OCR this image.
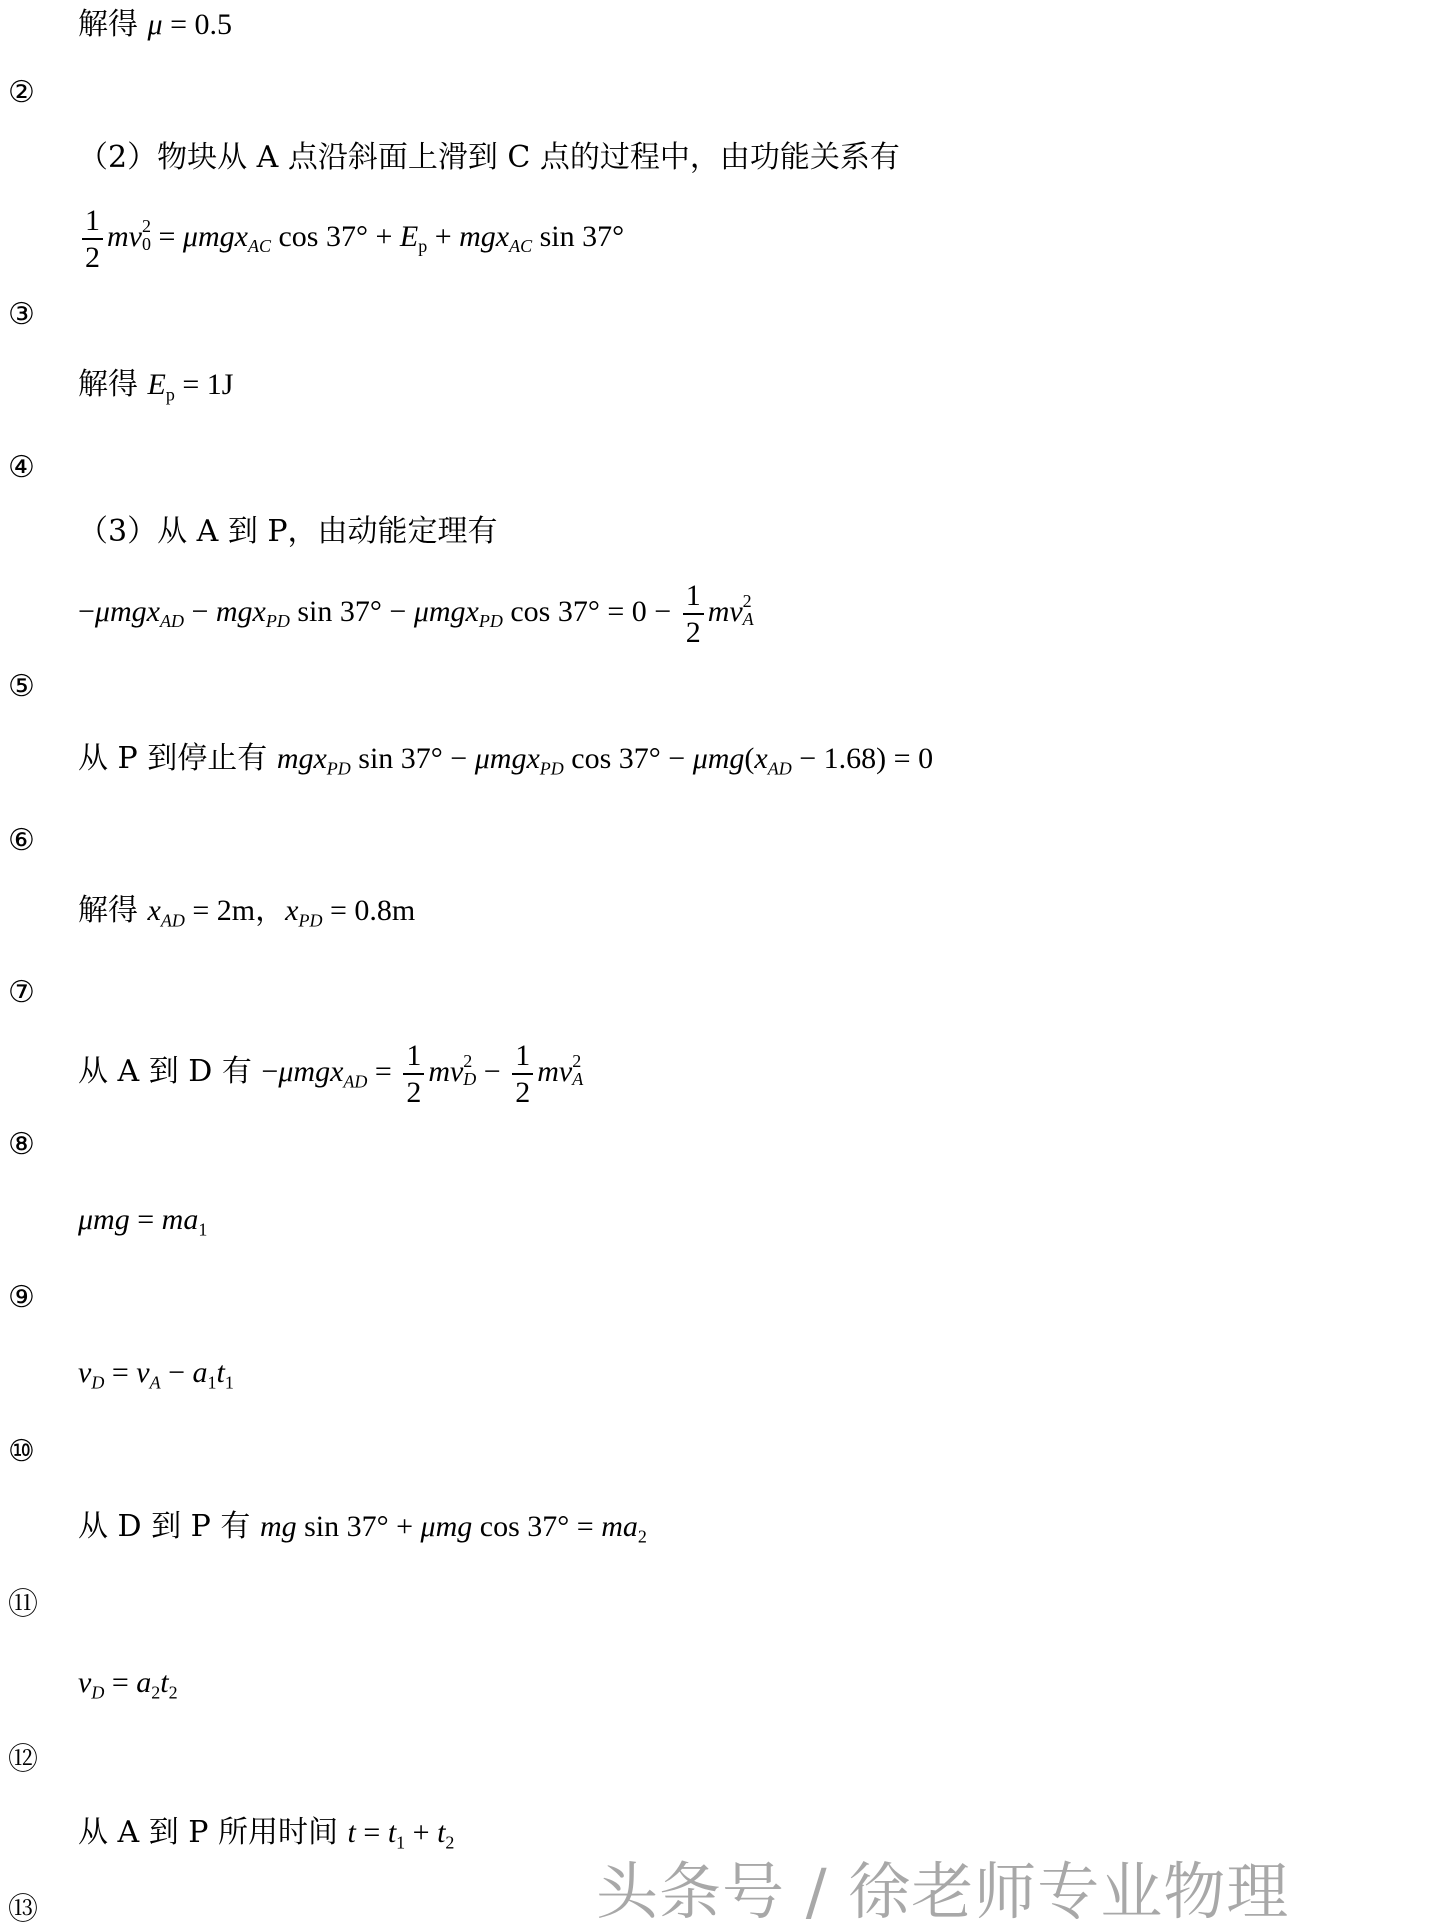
解得 μ = 0.5
②
（2）物块从 A 点沿斜面上滑到 C 点的过程中，由功能关系有
$\frac{1}{2}$ mv 2
0 = μmgx$_{AC}$ $\cos 37^\circ + E_p + mgx_{AC}$ sin 37°
③
解得 $E_p = 1J$
④
（3）从 A 到 P，由动能定理有
−μmgx$_{AD}$ − mgx$_{PD}$ sin 37° − μmgx$_{PD}$ $\cos 37^\circ = 0 - \frac{1}{2}$ mv 2
A
⑤
从 P 到停止有 mgx$_{PD}$ sin 37° − μmgx$_{PD}$ $\cos 37^\circ - \mu mg(x_{AD} - 1.68) = 0$
⑥
解得 $x_{AD} = 2m$，$x_{PD} = 0.8m$
⑦
从 A 到 D 有 $-\mu mgx_{AD} = \frac{1}{2}$ mv 2
$D - \frac{1}{2}$ mv 2
A
⑧
$\mu mg = ma_1$
⑨
$v_D = v_A - a_1t_1$
⑩
从 D 到 P 有 mg sin 37° + μmg $\cos 37^\circ = ma_2$
⑪
$v_D = a_2t_2$
⑫
从 A 到 P 所用时间 $t = t_1 + t_2$
⑬	头条号 / 徐老师专业物理
